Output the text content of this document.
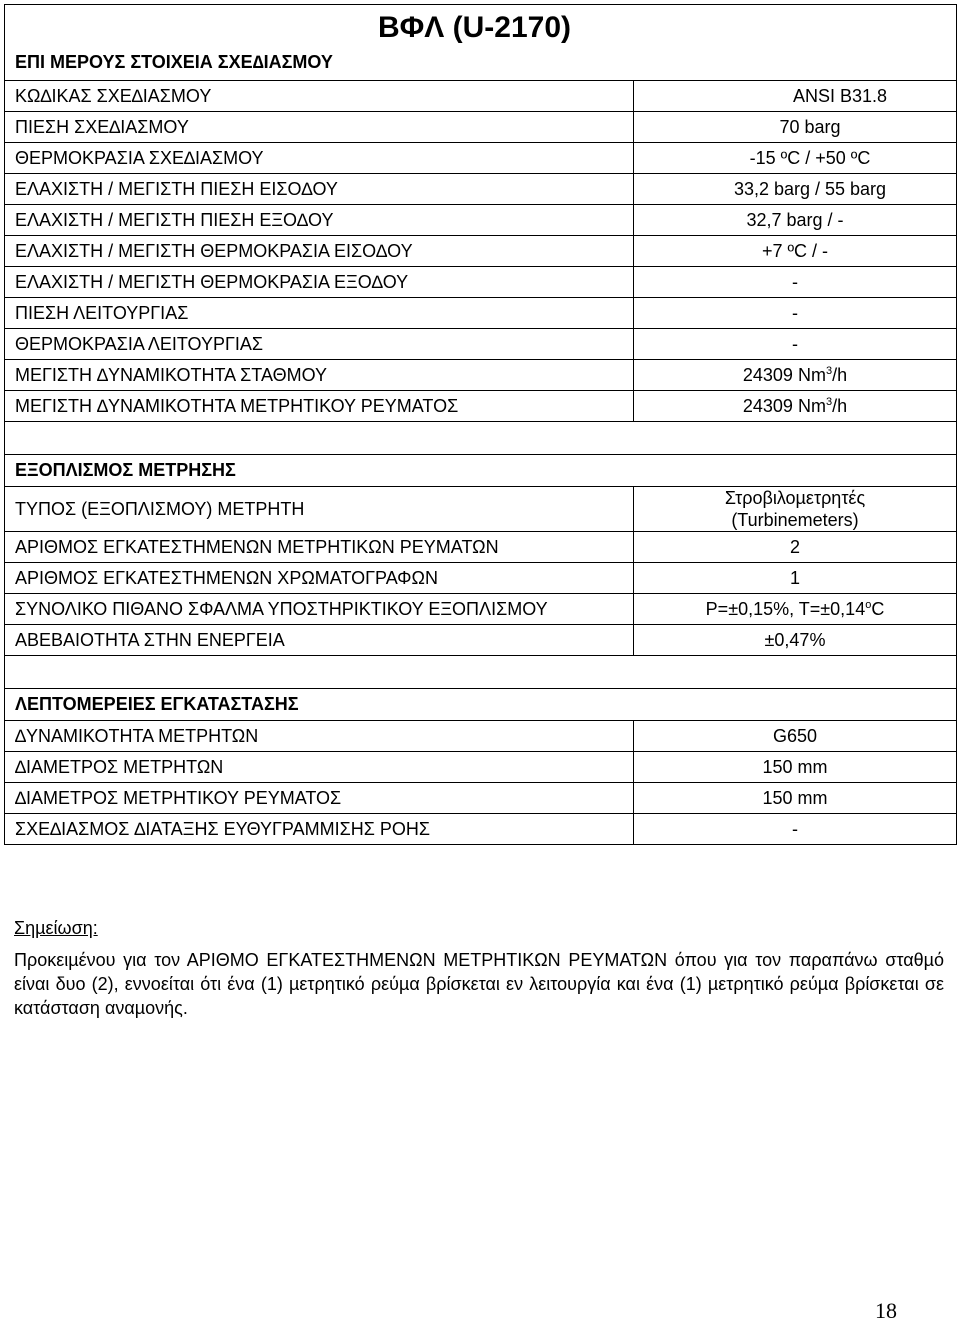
ΒΦΛ (U-2170)
ΕΠΙ ΜΕΡΟΥΣ ΣΤΟΙΧΕΙΑ ΣΧΕ∆ΙΑΣΜΟΥ	

ΚΩ∆ΙΚΑΣ ΣΧΕ∆ΙΑΣΜΟΥ	ANSI B31.8
ΠΙΕΣΗ ΣΧΕ∆ΙΑΣΜΟΥ	70 barg
ΘΕΡΜΟΚΡΑΣΙΑ ΣΧΕ∆ΙΑΣΜΟΥ	-15 ºC / +50 ºC
ΕΛΑΧΙΣΤΗ / ΜΕΓΙΣΤΗ ΠΙΕΣΗ ΕΙΣΟ∆ΟΥ	33,2 barg / 55 barg
ΕΛΑΧΙΣΤΗ / ΜΕΓΙΣΤΗ ΠΙΕΣΗ ΕΞΟ∆ΟΥ	32,7 barg / -
ΕΛΑΧΙΣΤΗ / ΜΕΓΙΣΤΗ ΘΕΡΜΟΚΡΑΣΙΑ ΕΙΣΟ∆ΟΥ	+7 ºC / -
ΕΛΑΧΙΣΤΗ / ΜΕΓΙΣΤΗ ΘΕΡΜΟΚΡΑΣΙΑ ΕΞΟ∆ΟΥ	-
ΠΙΕΣΗ ΛΕΙΤΟΥΡΓΙΑΣ	-
ΘΕΡΜΟΚΡΑΣΙΑ ΛΕΙΤΟΥΡΓΙΑΣ	-
ΜΕΓΙΣΤΗ ∆ΥΝΑΜΙΚΟΤΗΤΑ ΣΤΑΘΜΟΥ	24309 Nm$^3$/h
ΜΕΓΙΣΤΗ ∆ΥΝΑΜΙΚΟΤΗΤΑ ΜΕΤΡΗΤΙΚΟΥ ΡΕΥΜΑΤΟΣ	24309 Nm$^3$/h

ΕΞΟΠΛΙΣΜΟΣ ΜΕΤΡΗΣΗΣ	
ΤΥΠΟΣ (ΕΞΟΠΛΙΣΜΟΥ) ΜΕΤΡΗΤΗ	Στροβιλοµετρητές
(Turbinemeters)

ΑΡΙΘΜΟΣ ΕΓΚΑΤΕΣΤΗΜΕΝΩΝ ΜΕΤΡΗΤΙΚΩΝ ΡΕΥΜΑΤΩΝ	2
ΑΡΙΘΜΟΣ ΕΓΚΑΤΕΣΤΗΜΕΝΩΝ ΧΡΩΜΑΤΟΓΡΑΦΩΝ	1
ΣΥΝΟΛΙΚΟ ΠΙΘΑΝΟ ΣΦΑΛΜΑ ΥΠΟΣΤΗΡΙΚΤΙΚΟΥ ΕΞΟΠΛΙΣΜΟΥ	P=±0,15%, $T=\pm 0,14^oC$
ΑΒΕΒΑΙΟΤΗΤΑ ΣΤΗΝ ΕΝΕΡΓΕΙΑ	±0,47%

ΛΕΠΤΟΜΕΡΕΙΕΣ ΕΓΚΑΤΑΣΤΑΣΗΣ	
∆ΥΝΑΜΙΚΟΤΗΤΑ ΜΕΤΡΗΤΩΝ	G650
∆ΙΑΜΕΤΡΟΣ ΜΕΤΡΗΤΩΝ	150 mm
∆ΙΑΜΕΤΡΟΣ ΜΕΤΡΗΤΙΚΟΥ ΡΕΥΜΑΤΟΣ	150 mm
ΣΧΕ∆ΙΑΣΜΟΣ ∆ΙΑΤΑΞΗΣ ΕΥΘΥΓΡΑΜΜΙΣΗΣ ΡΟΗΣ	-
Σηµείωση:
Προκειµένου για τον ΑΡΙΘΜΟ ΕΓΚΑΤΕΣΤΗΜΕΝΩΝ ΜΕΤΡΗΤΙΚΩΝ ΡΕΥΜΑΤΩΝ όπου για τον παραπάνω σταθµό είναι δυο (2), εννοείται ότι ένα (1) µετρητικό ρεύµα βρίσκεται εν λειτουργία και ένα (1) µετρητικό ρεύµα βρίσκεται σε κατάσταση αναµονής.
18
